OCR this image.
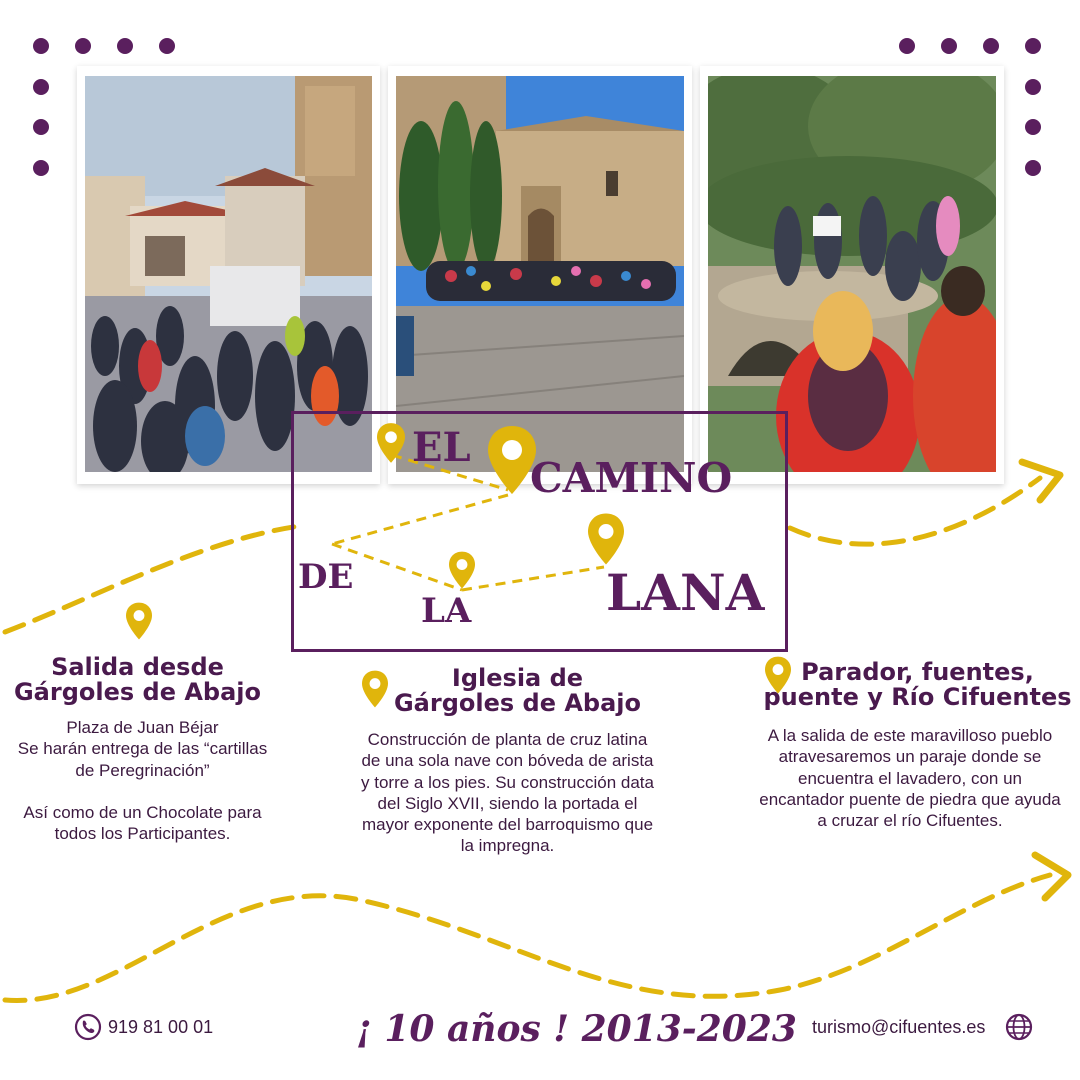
EL
CAMINO
DE
LA	LANA
Salida desde
Gárgoles de Abajo
Plaza de Juan Béjar
Se harán entrega de las “cartillas
de Peregrinación”

Así como de un Chocolate para
todos los Participantes.
Iglesia de
Gárgoles de Abajo
Construcción de planta de cruz latina
de una sola nave con bóveda de arista
y torre a los pies. Su construcción data
del Siglo XVII, siendo la portada el
mayor exponente del barroquismo que
la impregna.
Parador, fuentes,
puente y Río Cifuentes
A la salida de este maravilloso pueblo
atravesaremos un paraje donde se
encuentra el lavadero, con un
encantador puente de piedra que ayuda
a cruzar el río Cifuentes.
919 81 00 01	¡ 10 años ! 2013-2023 turismo@cifuentes.es
